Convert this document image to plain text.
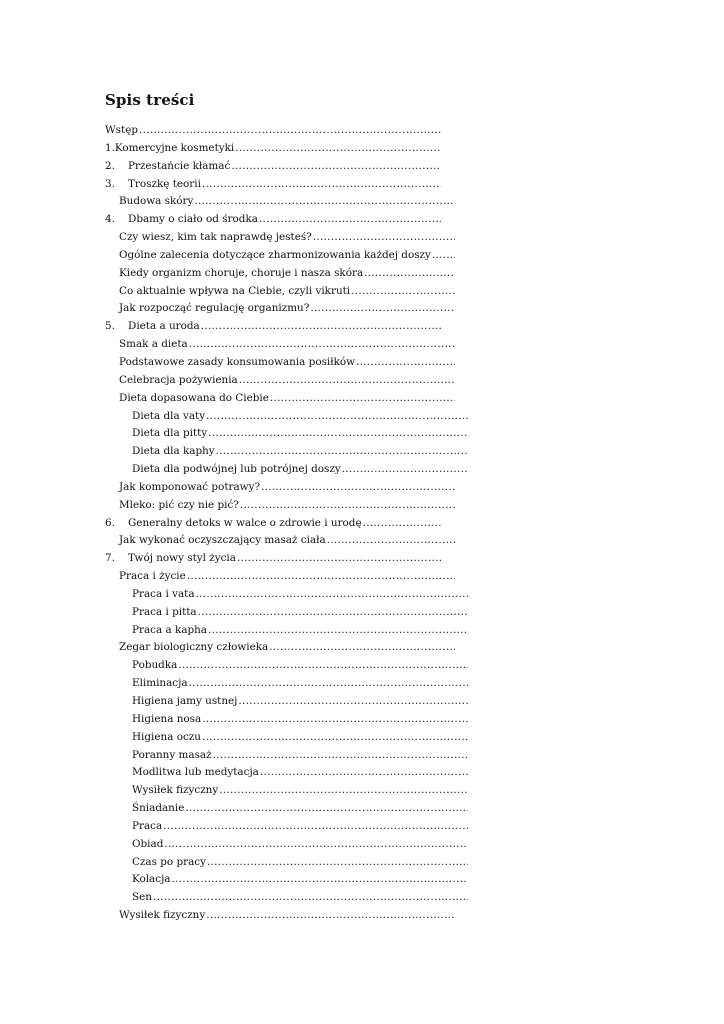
Spis treści
Wstęp
.....
1. Komercyjne kosmetyki
.....
2.	Przestańcie kłamać
.....
3.	Troszkę teorii
.....
Budowa skóry
.....
4.	Dbamy o ciało od środka
.....
Czy wiesz, kim tak naprawdę jesteś?
.....
Ogólne zalecenia dotyczące zharmonizowania każdej doszy
.....
Kiedy organizm choruje, choruje i nasza skóra
.....
Co aktualnie wpływa na Ciebie, czyli vikruti
.....
Jak rozpocząć regulację organizmu?
.....
5.	Dieta a uroda
.....
Smak a dieta
.....
Podstawowe zasady konsumowania posiłków
.....
Celebracja pożywienia
.....
Dieta dopasowana do Ciebie
.....
Dieta dla vaty
.....
Dieta dla pitty
.....
Dieta dla kaphy
.....
Dieta dla podwójnej lub potrójnej doszy
.....
Jak komponować potrawy?
.....
Mleko: pić czy nie pić?
.....
6.	Generalny detoks w walce o zdrowie i urodę
.....
Jak wykonać oczyszczający masaż ciała
.....
7.	Twój nowy styl życia
.....
Praca i życie
.....
Praca i vata
.....
Praca i pitta
.....
Praca a kapha
.....
Zegar biologiczny człowieka
.....
Pobudka
.....
Eliminacja
.....
Higiena jamy ustnej
.....
Higiena nosa
.....
Higiena oczu
.....
Poranny masaż
.....
Modlitwa lub medytacja
.....
Wysiłek fizyczny
.....
Śniadanie
.....
Praca
.....
Obiad
.....
Czas po pracy
.....
Kolacja
.....
Sen
.....
Wysiłek fizyczny
.....
